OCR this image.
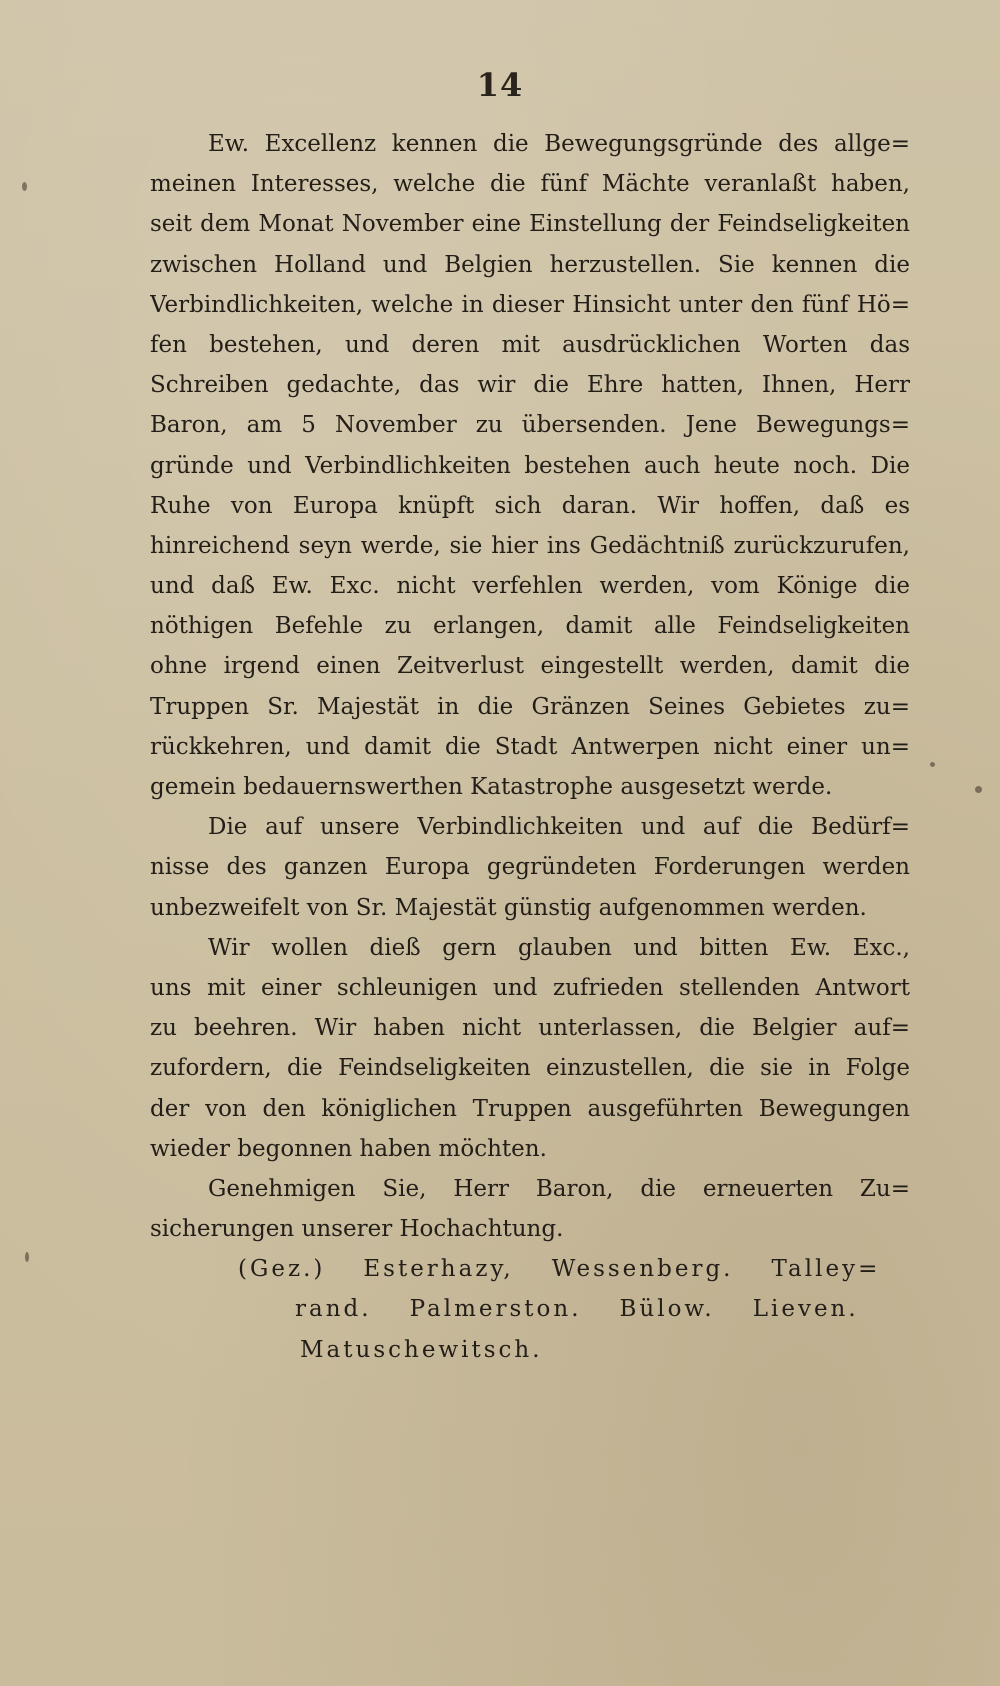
14
Ew. Excellenz kennen die Bewegungsgründe des allge=
meinen Interesses, welche die fünf Mächte veranlaßt haben,
seit dem Monat November eine Einstellung der Feindseligkeiten
zwischen Holland und Belgien herzustellen. Sie kennen die
Verbindlichkeiten, welche in dieser Hinsicht unter den fünf Hö=
fen bestehen, und deren mit ausdrücklichen Worten das
Schreiben gedachte, das wir die Ehre hatten, Ihnen, Herr
Baron, am 5 November zu übersenden. Jene Bewegungs=
gründe und Verbindlichkeiten bestehen auch heute noch. Die
Ruhe von Europa knüpft sich daran. Wir hoffen, daß es
hinreichend seyn werde, sie hier ins Gedächtniß zurückzurufen,
und daß Ew. Exc. nicht verfehlen werden, vom Könige die
nöthigen Befehle zu erlangen, damit alle Feindseligkeiten
ohne irgend einen Zeitverlust eingestellt werden, damit die
Truppen Sr. Majestät in die Gränzen Seines Gebietes zu=
rückkehren, und damit die Stadt Antwerpen nicht einer un=
gemein bedauernswerthen Katastrophe ausgesetzt werde.
Die auf unsere Verbindlichkeiten und auf die Bedürf=
nisse des ganzen Europa gegründeten Forderungen werden
unbezweifelt von Sr. Majestät günstig aufgenommen werden.
Wir wollen dieß gern glauben und bitten Ew. Exc.,
uns mit einer schleunigen und zufrieden stellenden Antwort
zu beehren. Wir haben nicht unterlassen, die Belgier auf=
zufordern, die Feindseligkeiten einzustellen, die sie in Folge
der von den königlichen Truppen ausgeführten Bewegungen
wieder begonnen haben möchten.
Genehmigen Sie, Herr Baron, die erneuerten Zu=
sicherungen unserer Hochachtung.
(Gez.) Esterhazy, Wessenberg. Talley=
rand. Palmerston. Bülow. Lieven.
Matuschewitsch.
